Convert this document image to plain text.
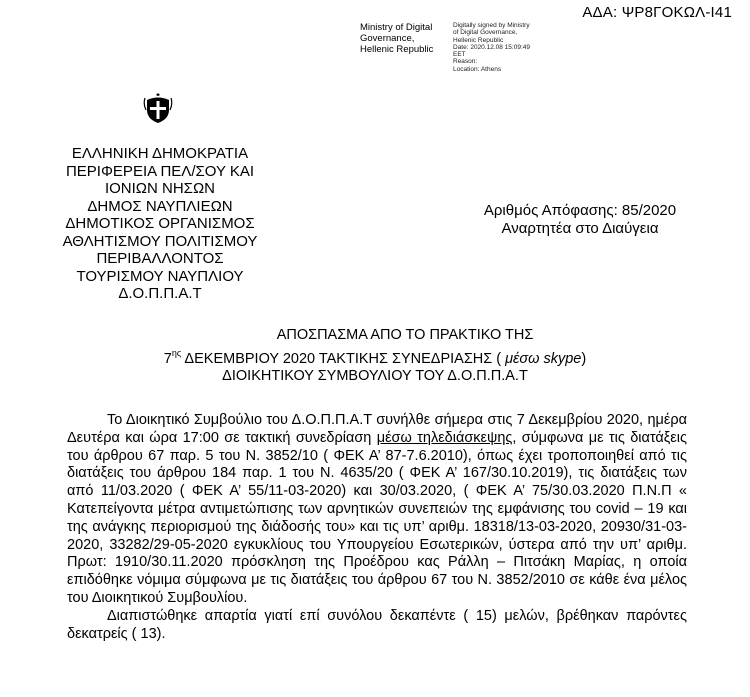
ΑΔΑ: ΨΡ8ΓΟΚΩΛ-Ι41
Ministry of Digital
Governance,
Hellenic Republic
Digitally signed by Ministry
of Digital Governance,
Hellenic Republic
Date: 2020.12.08 15:09:49
EET
Reason:
Location: Athens
ΕΛΛΗΝΙΚΗ ΔΗΜΟΚΡΑΤΙΑ
ΠΕΡΙΦΕΡΕΙΑ ΠΕΛ/ΣΟΥ ΚΑΙ
ΙΟΝΙΩΝ ΝΗΣΩΝ
ΔΗΜΟΣ ΝΑΥΠΛΙΕΩΝ
ΔΗΜΟΤΙΚΟΣ ΟΡΓΑΝΙΣΜΟΣ
ΑΘΛΗΤΙΣΜΟΥ ΠΟΛΙΤΙΣΜΟΥ
ΠΕΡΙΒΑΛΛΟΝΤΟΣ
ΤΟΥΡΙΣΜΟΥ ΝΑΥΠΛΙΟΥ
Δ.Ο.Π.Π.Α.Τ
Αριθμός Απόφασης: 85/2020
Αναρτητέα στο Διαύγεια
ΑΠΟΣΠΑΣΜΑ ΑΠΟ ΤΟ ΠΡΑΚΤΙΚΟ ΤΗΣ
$7^{\eta\varsigma}$ ΔΕΚΕΜΒΡΙΟΥ 2020 ΤΑΚΤΙΚΗΣ ΣΥΝΕΔΡΙΑΣΗΣ ( μέσω skype)
ΔΙΟΙΚΗΤΙΚΟΥ ΣΥΜΒΟΥΛΙΟΥ ΤΟΥ Δ.Ο.Π.Π.Α.Τ

Το Διοικητικό Συμβούλιο του Δ.Ο.Π.Π.Α.Τ συνήλθε σήμερα στις 7 Δεκεμβρίου 2020, ημέρα Δευτέρα και ώρα 17:00 σε τακτική συνεδρίαση μέσω τηλεδιάσκεψης, σύμφωνα με τις διατάξεις του άρθρου 67 παρ. 5 του Ν. 3852/10 ( ΦΕΚ Α’ 87-7.6.2010), όπως έχει τροποποιηθεί από τις διατάξεις του άρθρου 184 παρ. 1 του Ν. 4635/20 ( ΦΕΚ Α’ 167/30.10.2019), τις διατάξεις των από 11/03.2020 ( ΦΕΚ Α’ 55/11-03-2020) και 30/03.2020, ( ΦΕΚ Α’ 75/30.03.2020 Π.Ν.Π « Κατεπείγοντα μέτρα αντιμετώπισης των αρνητικών συνεπειών της εμφάνισης του covid – 19 και της ανάγκης περιορισμού της διάδοσής του» και τις υπ’ αριθμ. 18318/13-03-2020, 20930/31-03-2020, 33282/29-05-2020 εγκυκλίους του Υπουργείου Εσωτερικών, ύστερα από την υπ’ αριθμ. Πρωτ: 1910/30.11.2020 πρόσκληση της Προέδρου κας Ράλλη – Πιτσάκη Μαρίας, η οποία επιδόθηκε νόμιμα σύμφωνα με τις διατάξεις του άρθρου 67 του Ν. 3852/2010 σε κάθε ένα μέλος του Διοικητικού Συμβουλίου.

Διαπιστώθηκε απαρτία γιατί επί συνόλου δεκαπέντε ( 15) μελών, βρέθηκαν παρόντες δεκατρείς ( 13).
